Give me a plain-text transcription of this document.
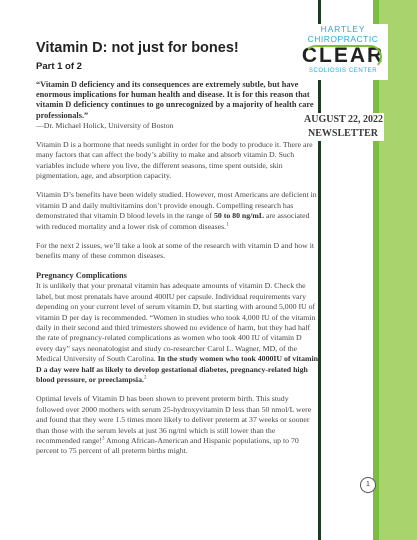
HARTLEY
CHIROPRACTIC
CLEAR
SCOLIOSIS CENTER
AUGUST 22, 2022
NEWSLETTER
Vitamin D: not just for bones!
Part 1 of 2
“Vitamin D deficiency and its consequences are extremely subtle, but have enormous implications for human health and disease. It is for this reason that vitamin D deficiency continues to go unrecognized by a majority of health care professionals.”
—Dr. Michael Holick, University of Boston

Vitamin D is a hormone that needs sunlight in order for the body to produce it. There are many factors that can affect the body’s ability to make and absorb vitamin D. Such variables include where you live, the different seasons, time spent outside, skin pigmentation, age, and absorption capacity.

Vitamin D’s benefits have been widely studied. However, most Americans are deficient in vitamin D and daily multivitamins don’t provide enough. Compelling research has demonstrated that vitamin D blood levels in the range of 50 to 80 ng/mL are associated with reduced mortality and a lower risk of common diseases.$^1$

For the next 2 issues, we’ll take a look at some of the research with vitamin D and how it benefits many of these common diseases.

Pregnancy Complications

It is unlikely that your prenatal vitamin has adequate amounts of vitamin D. Check the label, but most prenatals have around 400IU per capsule. Individual requirements vary depending on your current level of serum vitamin D, but starting with around 5,000 IU of vitamin D per day is recommended. “Women in studies who took 4,000 IU of the vitamin daily in their second and third trimesters showed no evidence of harm, but they had half the rate of pregnancy-related complications as women who took 400 IU of vitamin D every day” says neonatologist and study co-researcher Carol L. Wagner, MD, of the Medical University of South Carolina. In the study women who took 4000IU of vitamin D a day were half as likely to develop gestational diabetes, pregnancy-related high blood pressure, or preeclampsia.$^2$

Optimal levels of Vitamin D has been shown to prevent preterm birth. This study followed over 2000 mothers with serum 25-hydroxyvitamin D less than 50 nmol/L were and found that they were 1.5 times more likely to deliver preterm at 37 weeks or sooner than those with the serum levels at just 36 ng/ml which is still lower than the recommended range!$^3$ Among African-American and Hispanic populations, up to 70 percent to 75 percent of all preterm births might.

1
